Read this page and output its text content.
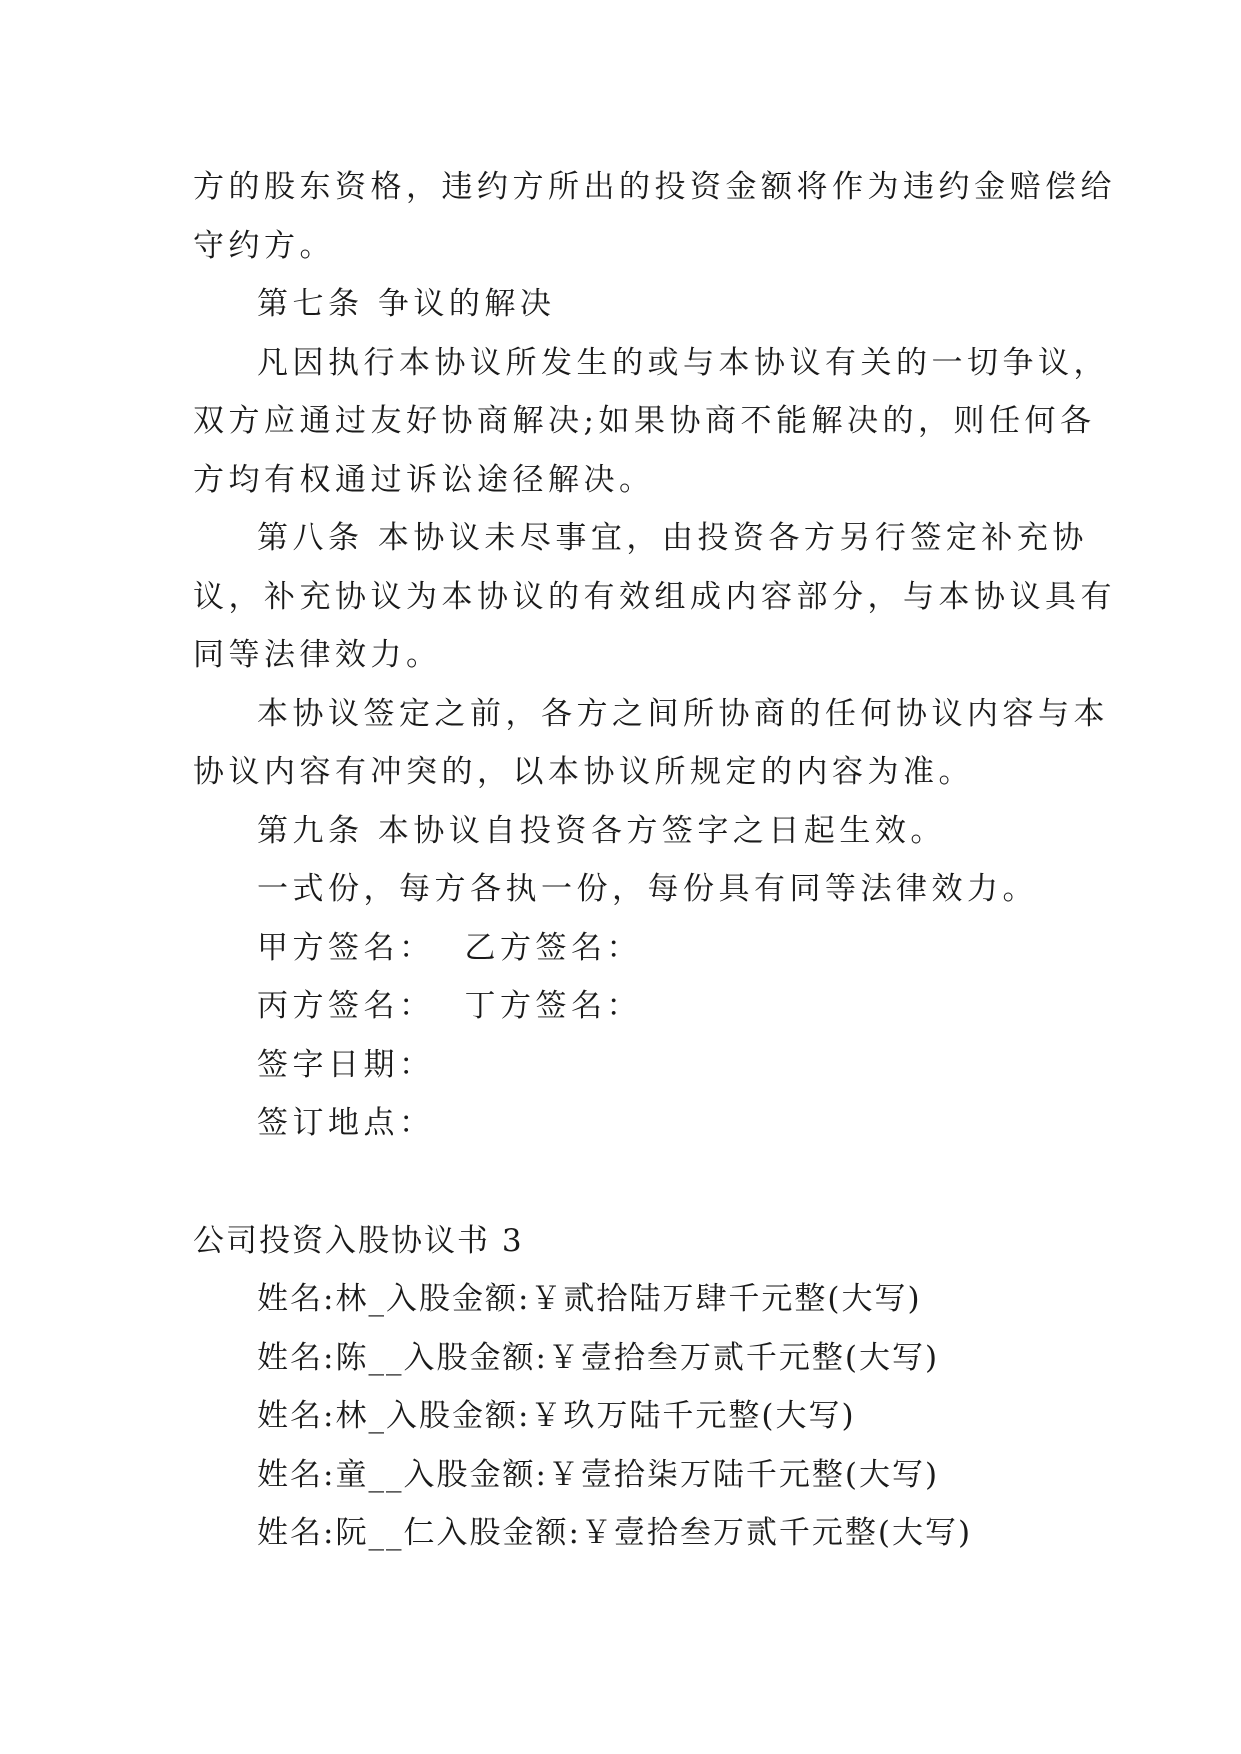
方的股东资格，违约方所出的投资金额将作为违约金赔偿给
守约方。
第七条 争议的解决
凡因执行本协议所发生的或与本协议有关的一切争议，
双方应通过友好协商解决;如果协商不能解决的，则任何各
方均有权通过诉讼途径解决。
第八条 本协议未尽事宜，由投资各方另行签定补充协
议，补充协议为本协议的有效组成内容部分，与本协议具有
同等法律效力。
本协议签定之前，各方之间所协商的任何协议内容与本
协议内容有冲突的，以本协议所规定的内容为准。
第九条 本协议自投资各方签字之日起生效。
一式份，每方各执一份，每份具有同等法律效力。
甲方签名： 乙方签名：
丙方签名： 丁方签名：
签字日期：
签订地点：
公司投资入股协议书 3
姓名:林_入股金额:￥贰拾陆万肆千元整(大写)
姓名:陈__入股金额:￥壹拾叁万贰千元整(大写)
姓名:林_入股金额:￥玖万陆千元整(大写)
姓名:童__入股金额:￥壹拾柒万陆千元整(大写)
姓名:阮__仁入股金额:￥壹拾叁万贰千元整(大写)
